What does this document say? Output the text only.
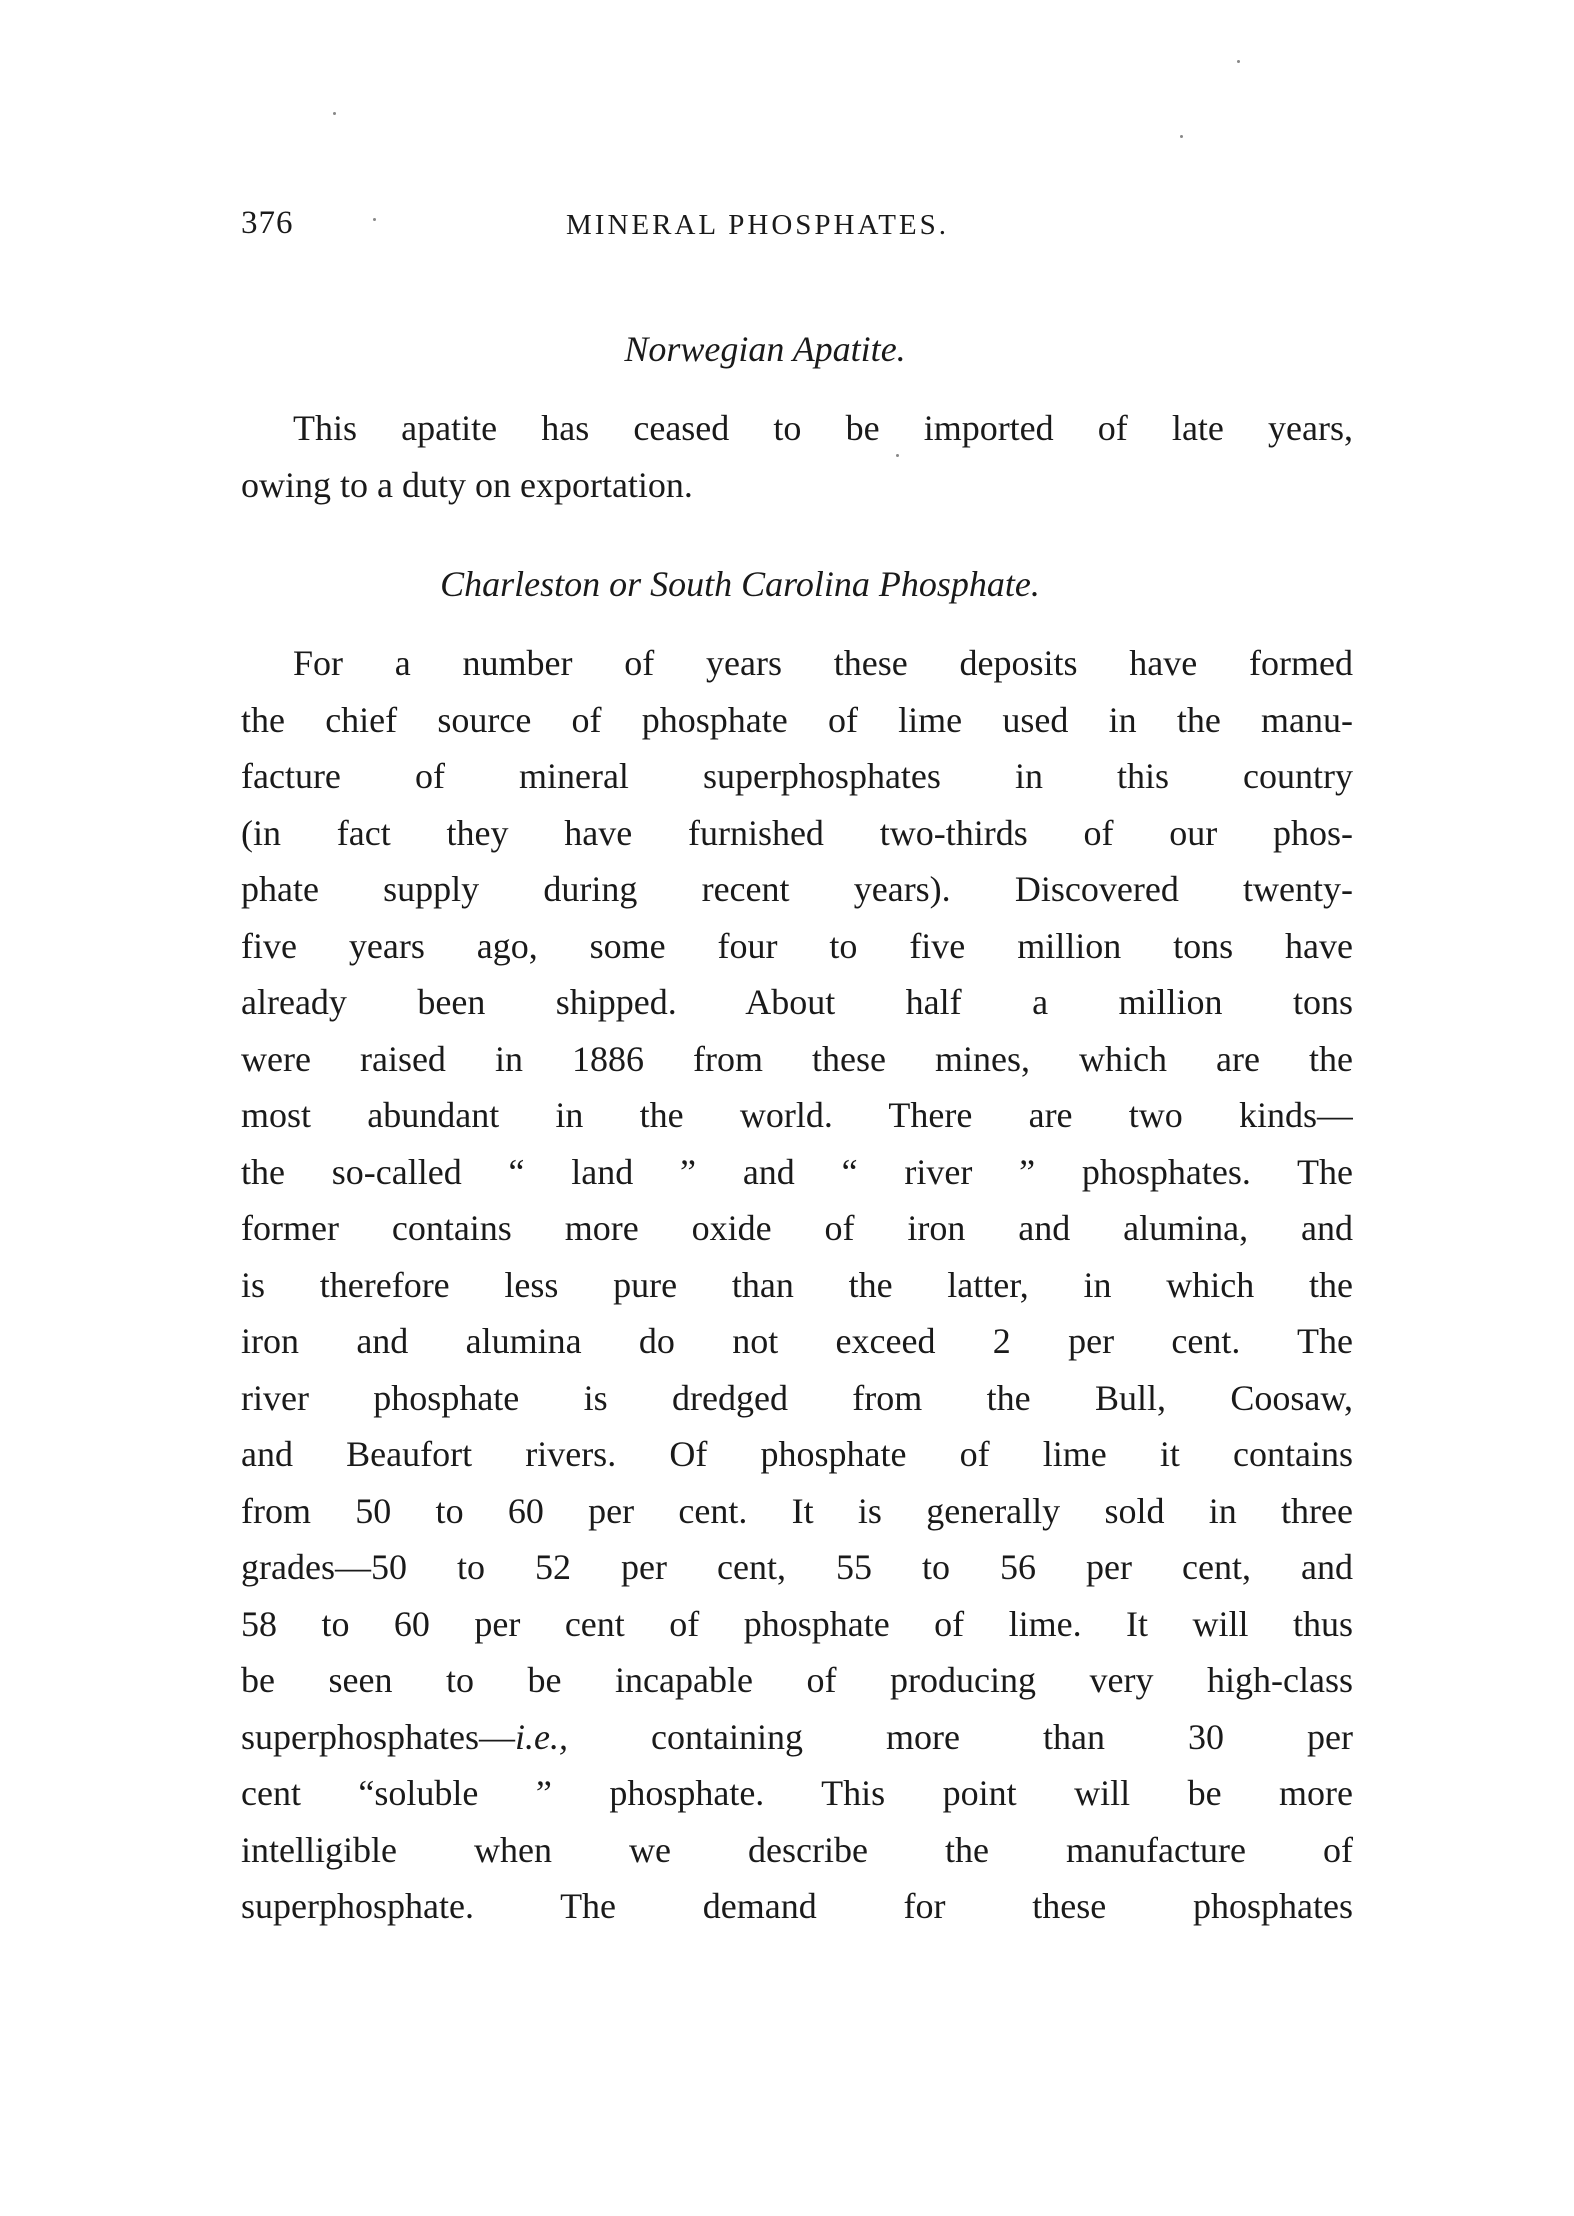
376	MINERAL PHOSPHATES.
Norwegian Apatite.
This apatite has ceased to be imported of late years,
owing to a duty on exportation.
Charleston or South Carolina Phosphate.
For a number of years these deposits have formed
the chief source of phosphate of lime used in the manu-
facture of mineral superphosphates in this country
(in fact they have furnished two-thirds of our phos-
phate supply during recent years). Discovered twenty-
five years ago, some four to five million tons have
already been shipped. About half a million tons
were raised in 1886 from these mines, which are the
most abundant in the world. There are two kinds—
the so-called “ land ” and “ river ” phosphates. The
former contains more oxide of iron and alumina, and
is therefore less pure than the latter, in which the
iron and alumina do not exceed 2 per cent. The
river phosphate is dredged from the Bull, Coosaw,
and Beaufort rivers. Of phosphate of lime it contains
from 50 to 60 per cent. It is generally sold in three
grades—50 to 52 per cent, 55 to 56 per cent, and
58 to 60 per cent of phosphate of lime. It will thus
be seen to be incapable of producing very high-class
superphosphates—i.e., containing more than 30 per
cent “soluble ” phosphate. This point will be more
intelligible when we describe the manufacture of
superphosphate. The demand for these phosphates
